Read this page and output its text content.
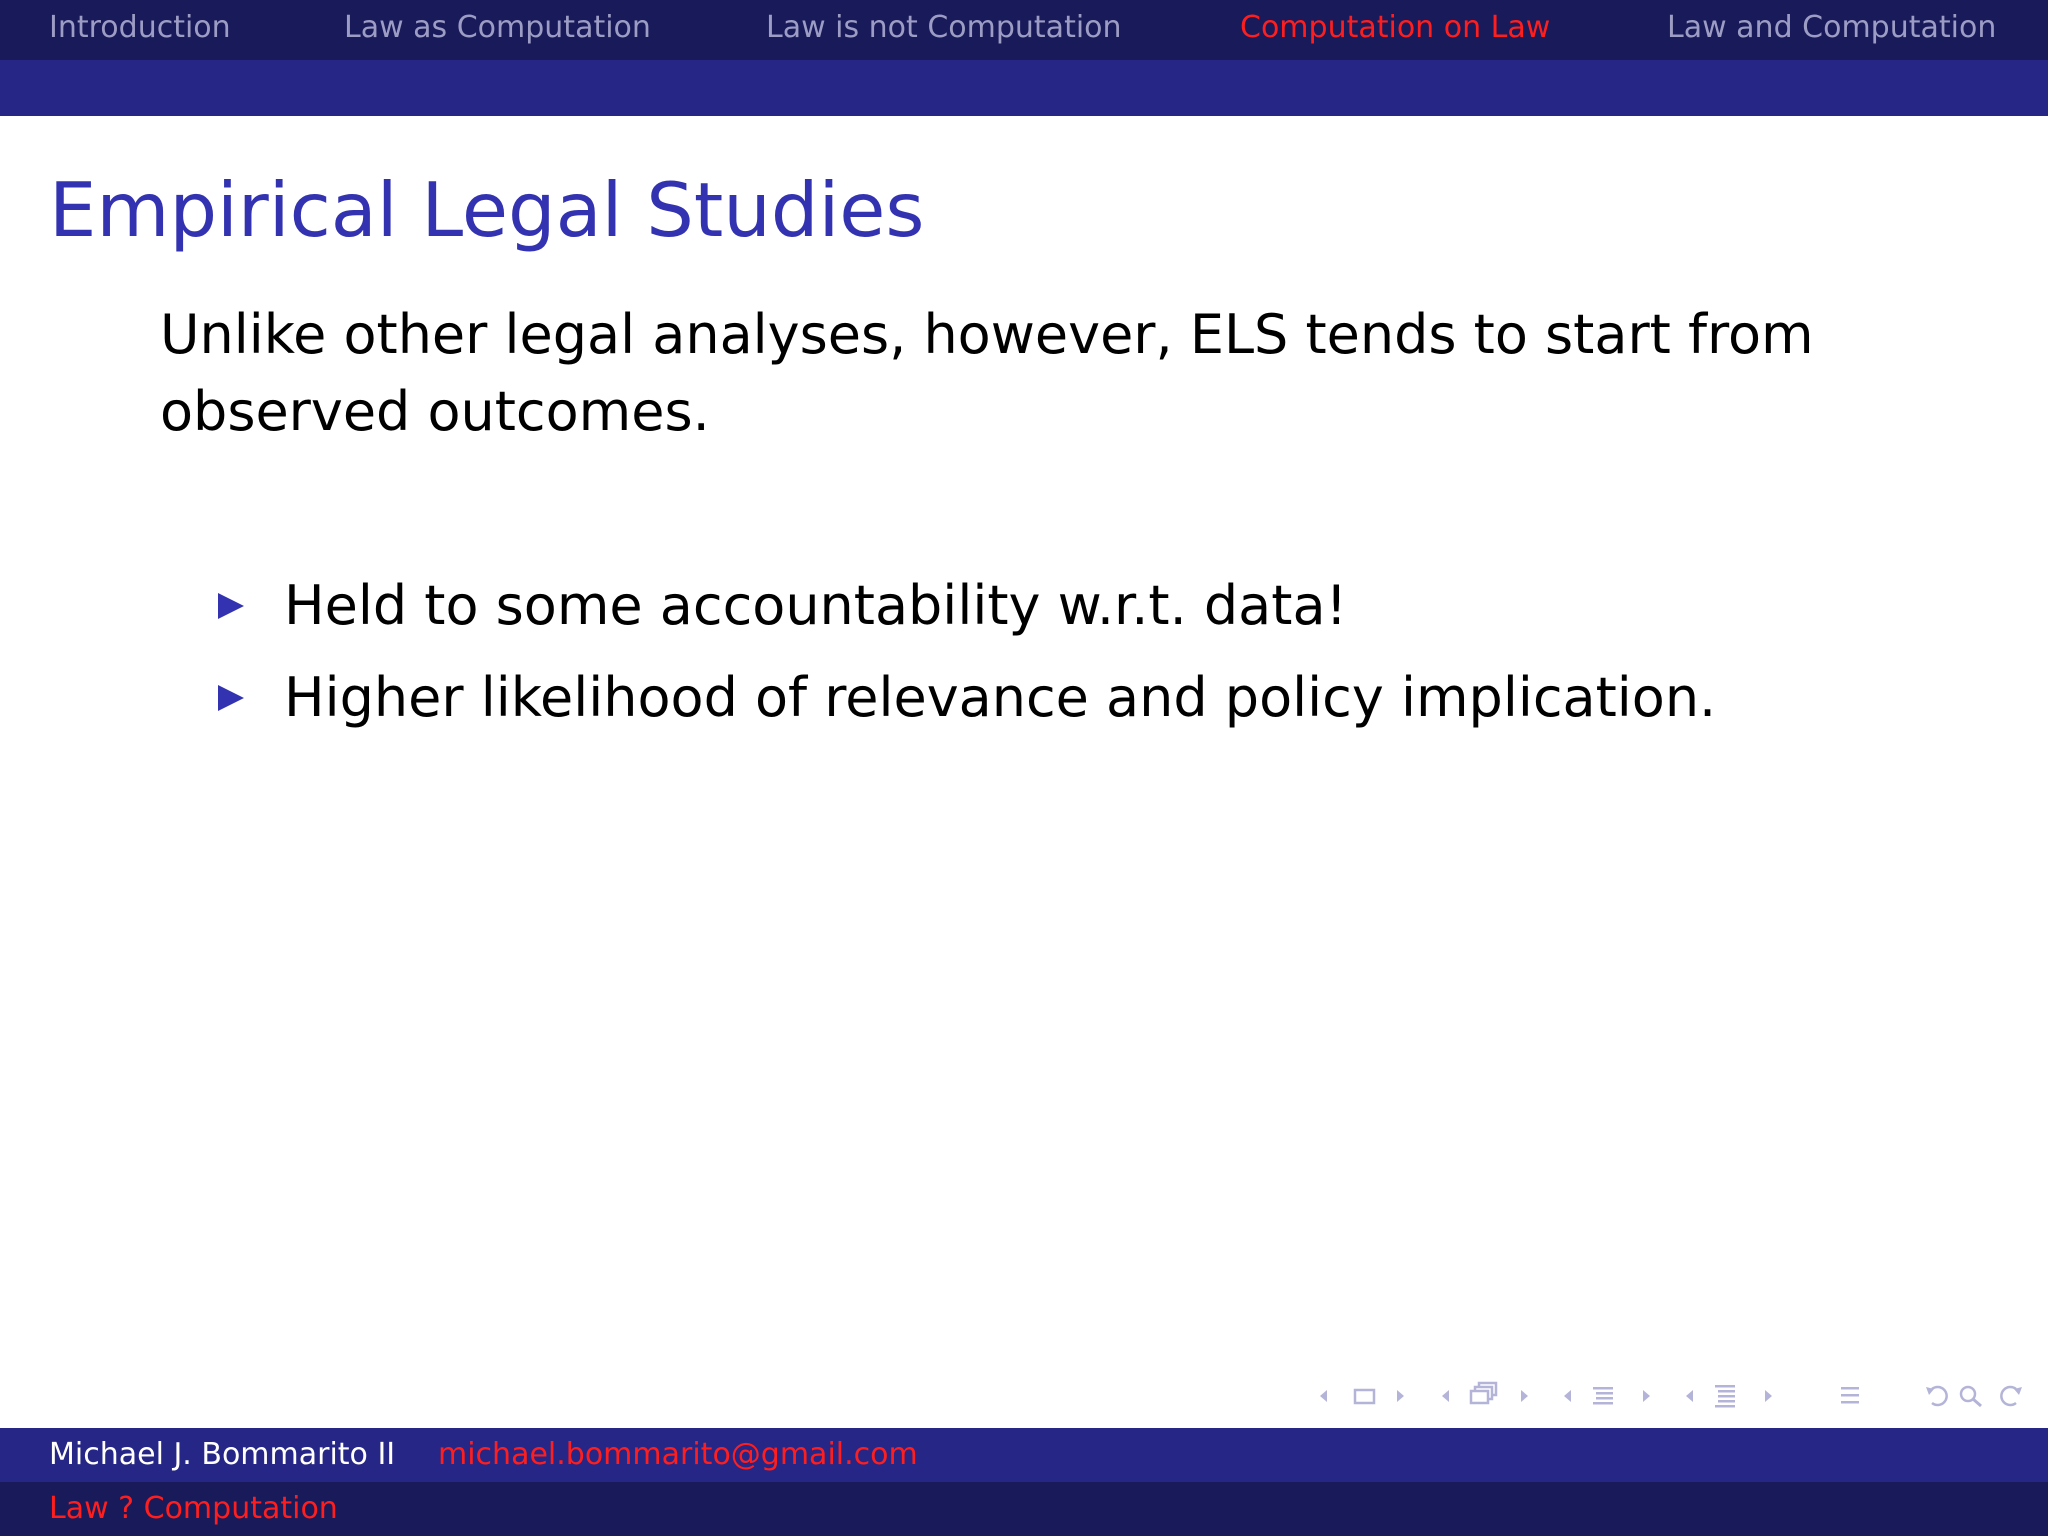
Introduction	Law as Computation	Law is not Computation	Computation on Law	Law and Computation
Empirical Legal Studies
Unlike other legal analyses, however, ELS tends to start from observed outcomes.
Held to some accountability w.r.t. data!
Higher likelihood of relevance and policy implication.
Michael J. Bommarito II michael.bommarito@gmail.com
Law ? Computation
